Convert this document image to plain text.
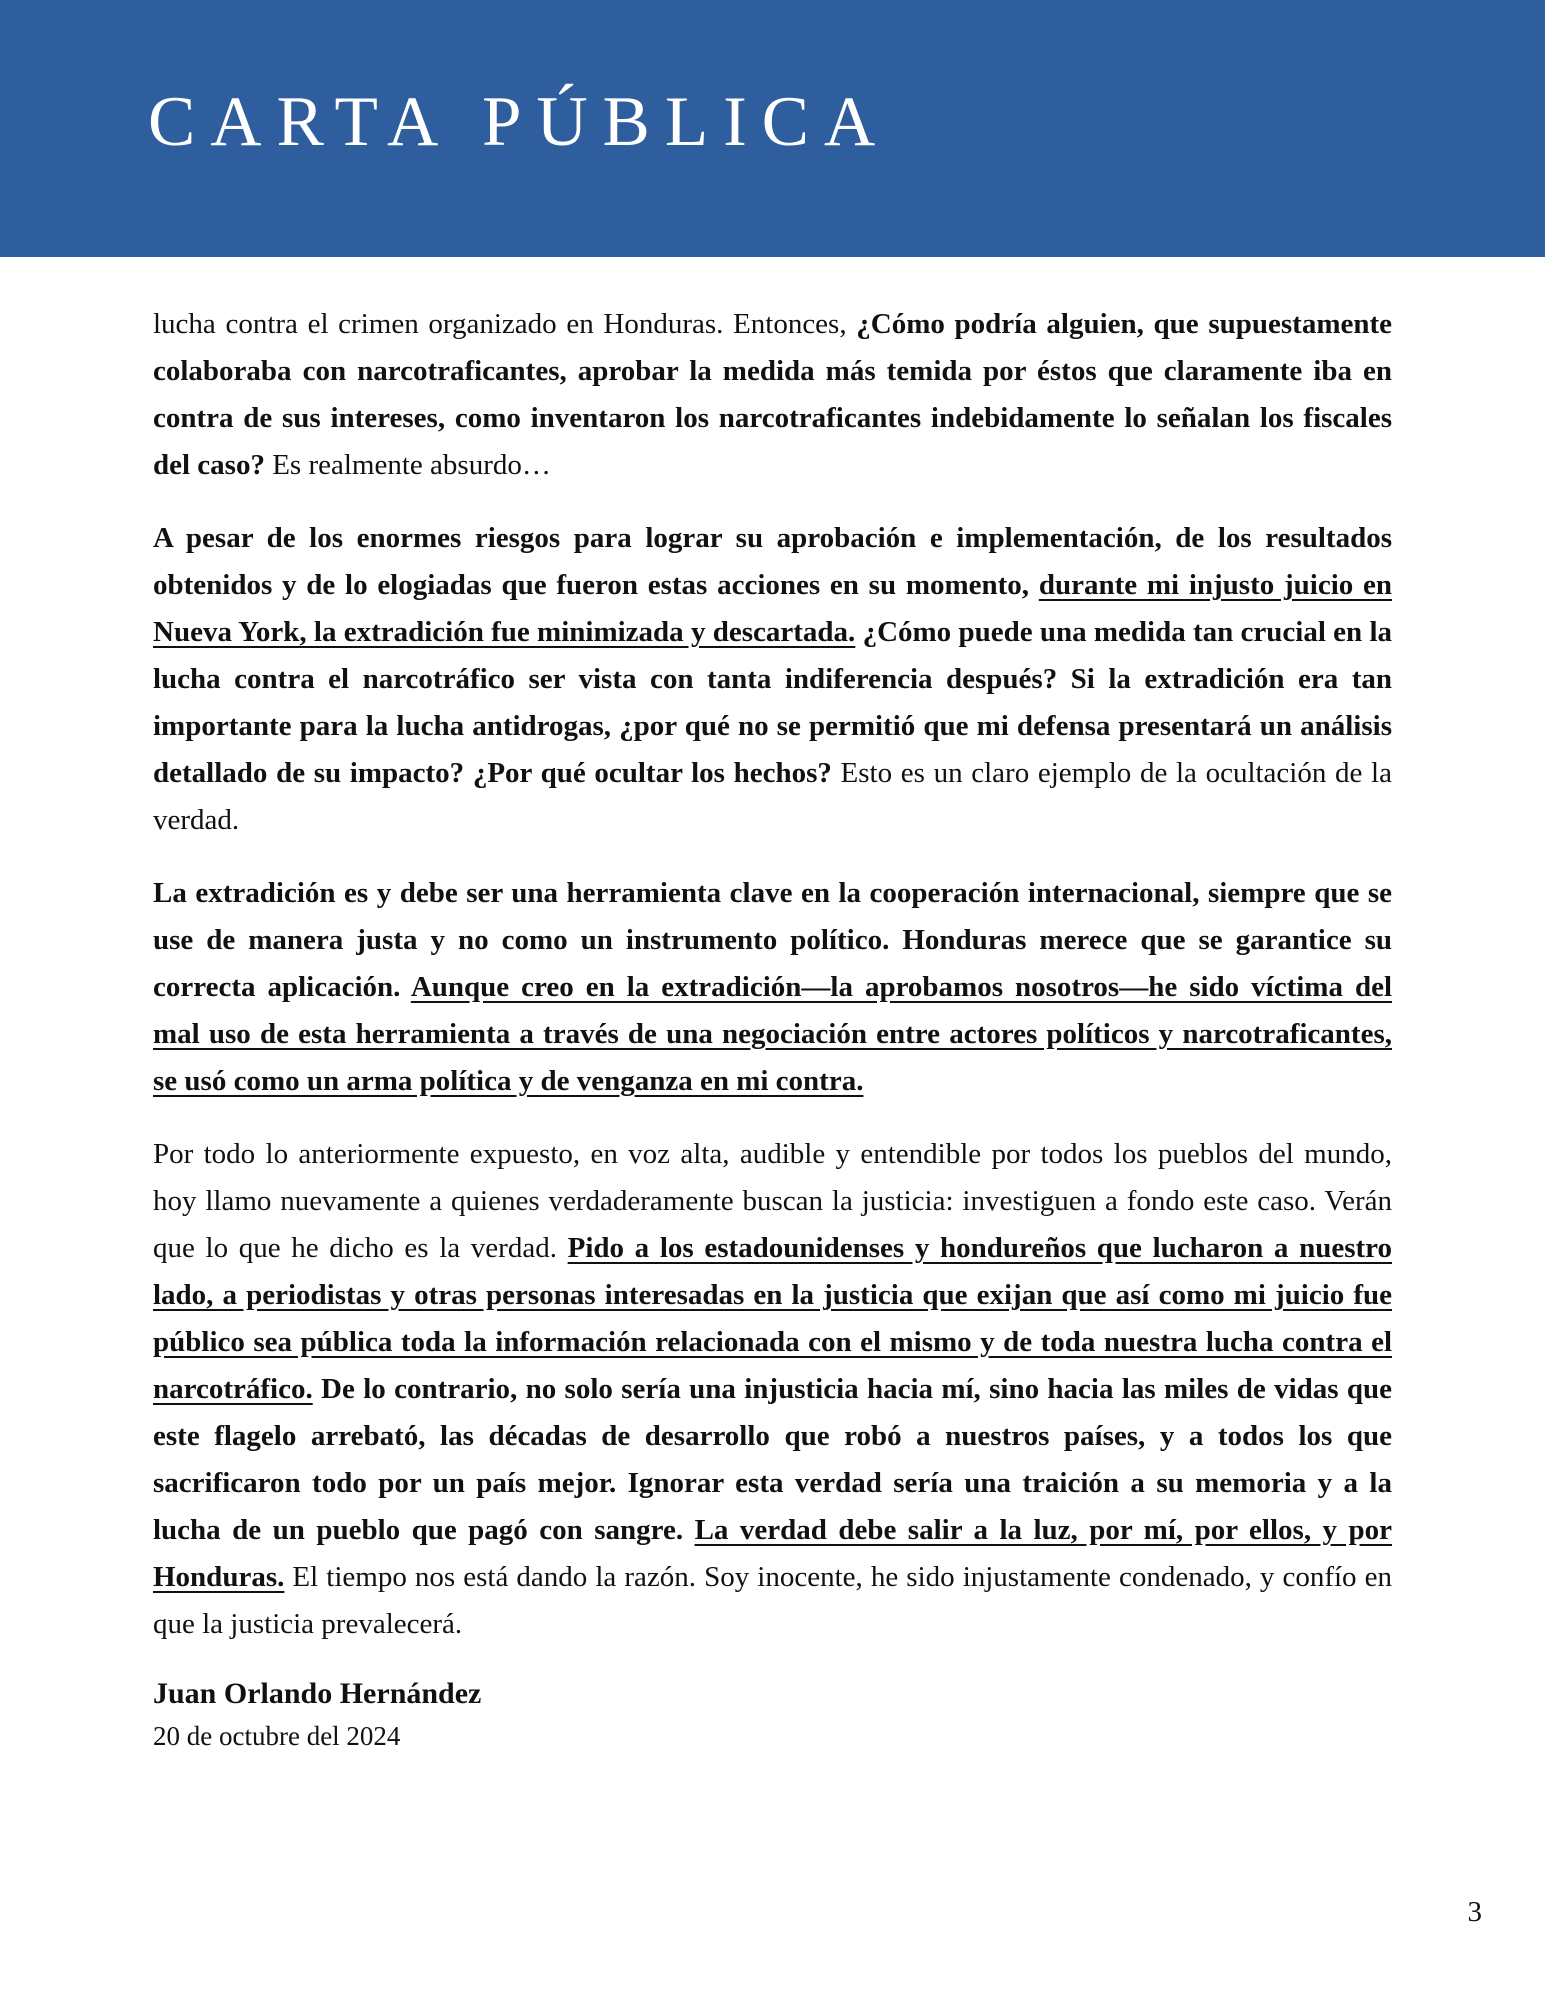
CARTA PÚBLICA

lucha contra el crimen organizado en Honduras. Entonces, ¿Cómo podría alguien, que supuestamente colaboraba con narcotraficantes, aprobar la medida más temida por éstos que claramente iba en contra de sus intereses, como inventaron los narcotraficantes indebidamente lo señalan los fiscales del caso? Es realmente absurdo…

A pesar de los enormes riesgos para lograr su aprobación e implementación, de los resultados obtenidos y de lo elogiadas que fueron estas acciones en su momento, durante mi injusto juicio en Nueva York, la extradición fue minimizada y descartada. ¿Cómo puede una medida tan crucial en la lucha contra el narcotráfico ser vista con tanta indiferencia después? Si la extradición era tan importante para la lucha antidrogas, ¿por qué no se permitió que mi defensa presentará un análisis detallado de su impacto? ¿Por qué ocultar los hechos? Esto es un claro ejemplo de la ocultación de la verdad.

La extradición es y debe ser una herramienta clave en la cooperación internacional, siempre que se use de manera justa y no como un instrumento político. Honduras merece que se garantice su correcta aplicación. Aunque creo en la extradición—la aprobamos nosotros—he sido víctima del mal uso de esta herramienta a través de una negociación entre actores políticos y narcotraficantes, se usó como un arma política y de venganza en mi contra.

Por todo lo anteriormente expuesto, en voz alta, audible y entendible por todos los pueblos del mundo, hoy llamo nuevamente a quienes verdaderamente buscan la justicia: investiguen a fondo este caso. Verán que lo que he dicho es la verdad. Pido a los estadounidenses y hondureños que lucharon a nuestro lado, a periodistas y otras personas interesadas en la justicia que exijan que así como mi juicio fue público sea pública toda la información relacionada con el mismo y de toda nuestra lucha contra el narcotráfico. De lo contrario, no solo sería una injusticia hacia mí, sino hacia las miles de vidas que este flagelo arrebató, las décadas de desarrollo que robó a nuestros países, y a todos los que sacrificaron todo por un país mejor. Ignorar esta verdad sería una traición a su memoria y a la lucha de un pueblo que pagó con sangre. La verdad debe salir a la luz, por mí, por ellos, y por Honduras. El tiempo nos está dando la razón. Soy inocente, he sido injustamente condenado, y confío en que la justicia prevalecerá.

Juan Orlando Hernández
20 de octubre del 2024
3
